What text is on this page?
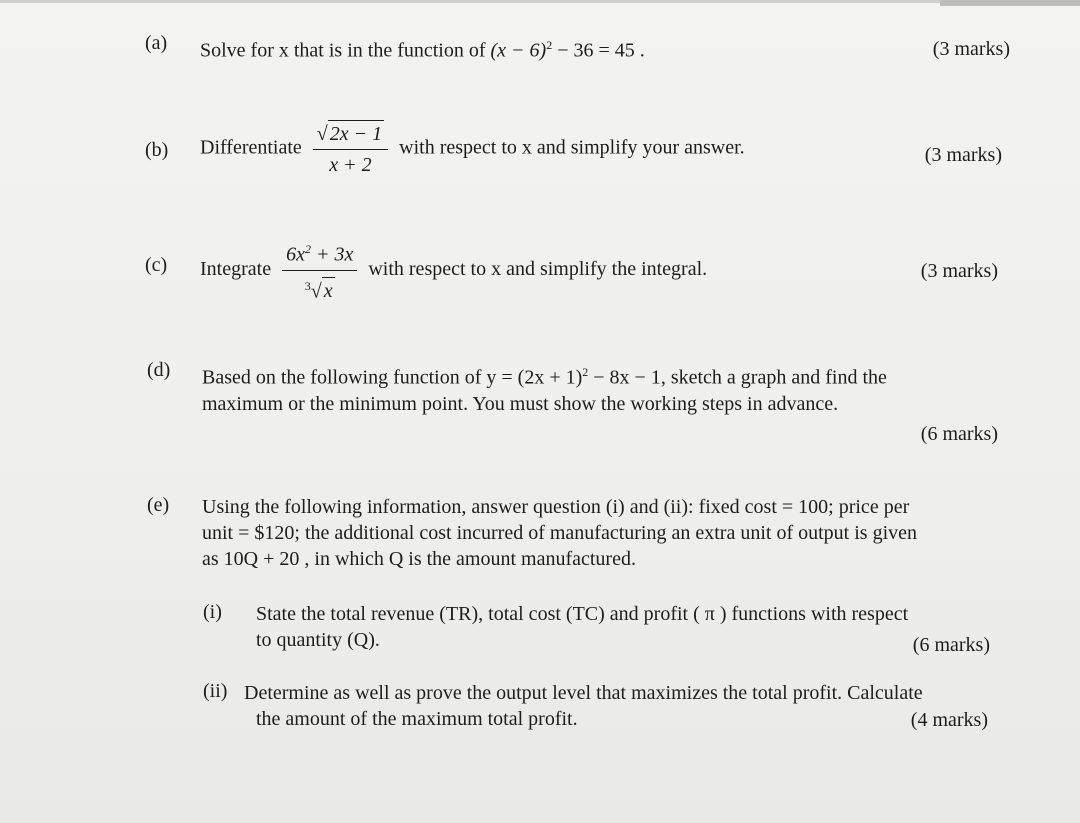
(a) Solve for x that is in the function of $(x - 6)^2 - 36 = 45$ .	(3 marks)
(b) Differentiate $\frac{√ 2x - 1}{x + 2}$ with respect to x and simplify your answer.	(3 marks)
(c) Integrate $\frac{6x^2 + 3x}{^3√ x}$ with respect to x and simplify the integral.	(3 marks)
(d) Based on the following function of $y = (2x + 1)^2 - 8x - 1$, sketch a graph and find the

maximum or the minimum point. You must show the working steps in advance.

(6 marks)
(e) Using the following information, answer question (i) and (ii): fixed cost = 100; price per

unit = $120; the additional cost incurred of manufacturing an extra unit of output is given

as 10Q + 20 , in which Q is the amount manufactured.

(i) State the total revenue (TR), total cost (TC) and profit ( π ) functions with respect

to quantity (Q).	(6 marks)
(ii) Determine as well as prove the output level that maximizes the total profit. Calculate

the amount of the maximum total profit.	(4 marks)
